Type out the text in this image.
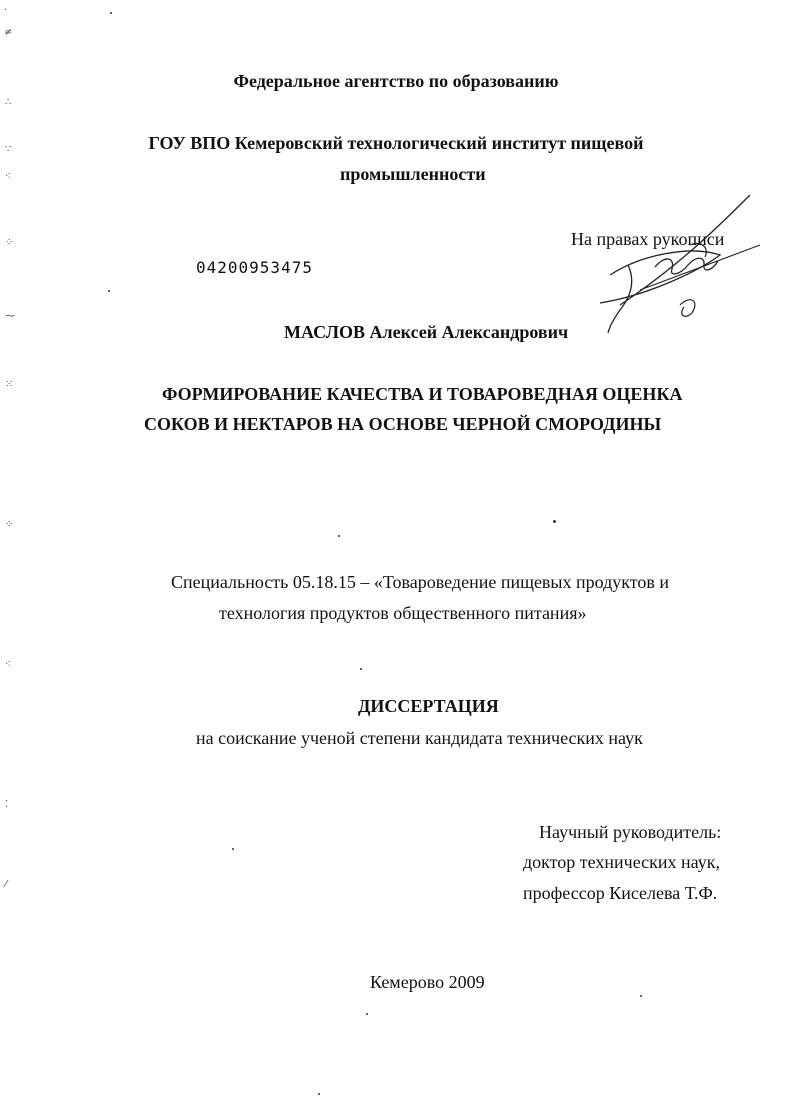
·
≠
∴
∵
⁖
⁘
⁓
⁙
⁘
⁖
⁚
⁄
Федеральное агентство по образованию
ГОУ ВПО Кемеровский технологический институт пищевой
промышленности
На правах рукописи
04200953475
МАСЛОВ Алексей Александрович
ФОРМИРОВАНИЕ КАЧЕСТВА И ТОВАРОВЕДНАЯ ОЦЕНКА
СОКОВ И НЕКТАРОВ НА ОСНОВЕ ЧЕРНОЙ СМОРОДИНЫ
Специальность 05.18.15 – «Товароведение пищевых продуктов и
технология продуктов общественного питания»
ДИССЕРТАЦИЯ
на соискание ученой степени кандидата технических наук
Научный руководитель:
доктор технических наук,
профессор Киселева Т.Ф.
Кемерово 2009
